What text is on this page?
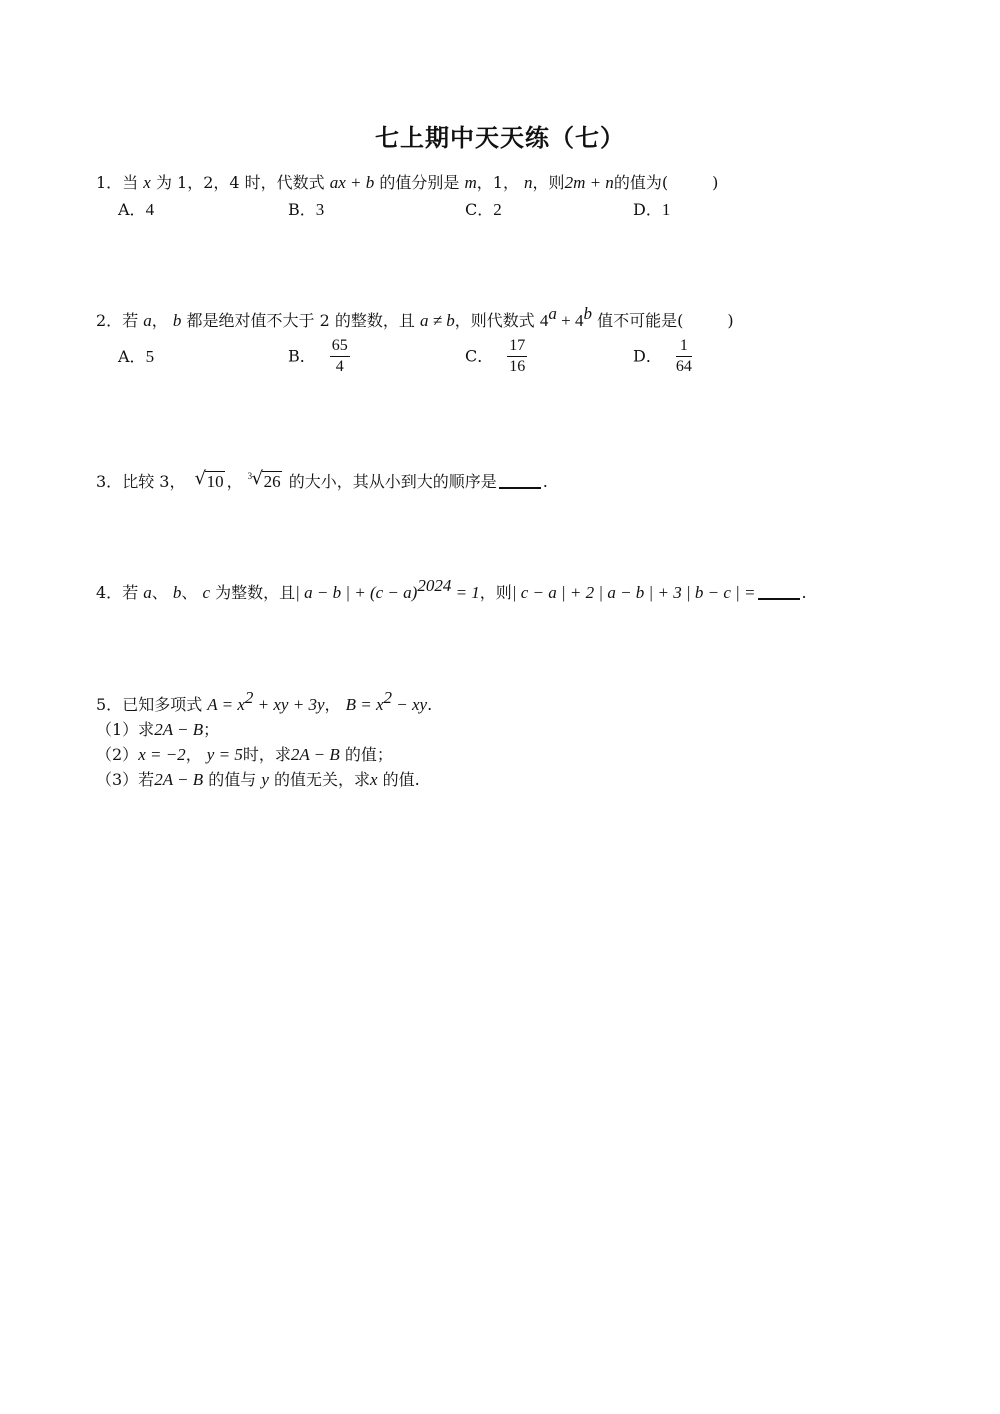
七上期中天天练（七）
1．当 x 为 1，2，4 时，代数式 ax + b 的值分别是 m，1， n，则2m + n的值为(	)
A．4	B．3	C．2	D．1
2．若 a， b 都是绝对值不大于 2 的整数，且 a ≠ b，则代数式 $4^a + 4^b$ 值不可能是(	)
A．5	B． $\frac{65}{4}$	C． $\frac{17}{16}$	D． $\frac{1}{64}$
3．比较 3， √ 10 ， 3 √ 26 的大小，其从小到大的顺序是	.
4．若 a、 b、 c 为整数，且| a − b | + $(c - a)^{2024} = 1$，则| c − a | + 2 | a − b | + 3 | b − c | =	.
5．已知多项式 $A = x^2$ + xy + 3y， $B = x^2$ − xy.
（1）求2A − B；
（2）x = −2， y = 5时，求2A − B 的值；
（3）若2A − B 的值与 y 的值无关，求x 的值.
